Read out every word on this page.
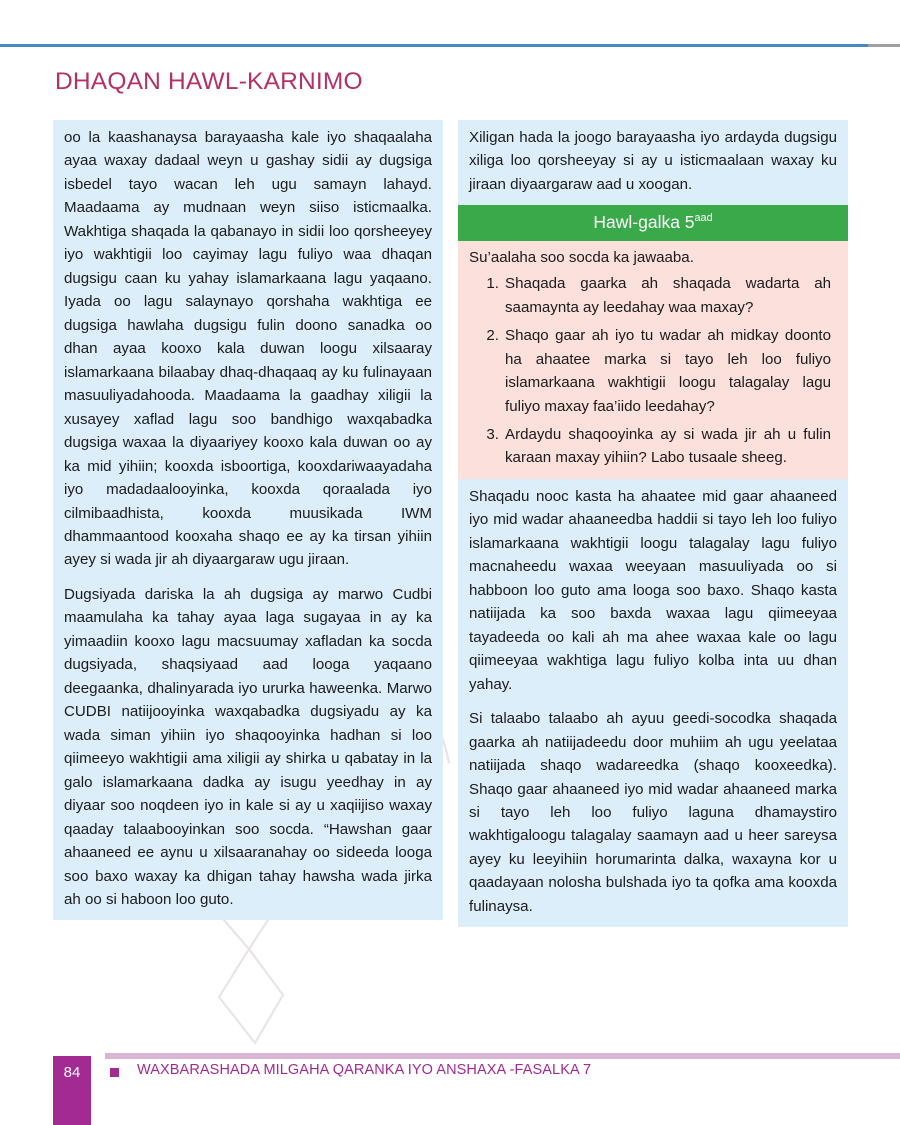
DHAQAN HAWL-KARNIMO

oo la kaashanaysa barayaasha kale iyo shaqaalaha ayaa waxay dadaal weyn u gashay sidii ay dugsiga isbedel tayo wacan leh ugu samayn lahayd. Maadaama ay mudnaan weyn siiso isticmaalka. Wakhtiga shaqada la qabanayo in sidii loo qorsheeyey iyo wakhtigii loo cayimay lagu fuliyo waa dhaqan dugsigu caan ku yahay islamarkaana lagu yaqaano. Iyada oo lagu salaynayo qorshaha wakhtiga ee dugsiga hawlaha dugsigu fulin doono sanadka oo dhan ayaa kooxo kala duwan loogu xilsaaray islamarkaana bilaabay dhaq-dhaqaaq ay ku fulinayaan masuuliyadahooda. Maadaama la gaadhay xiligii la xusayey xaflad lagu soo bandhigo waxqabadka dugsiga waxaa la diyaariyey kooxo kala duwan oo ay ka mid yihiin; kooxda isboortiga, kooxdariwaayadaha iyo madadaalooyinka, kooxda qoraalada iyo cilmibaadhista, kooxda muusikada IWM dhammaantood kooxaha shaqo ee ay ka tirsan yihiin ayey si wada jir ah diyaargaraw ugu jiraan.

Dugsiyada dariska la ah dugsiga ay marwo Cudbi maamulaha ka tahay ayaa laga sugayaa in ay ka yimaadiin kooxo lagu macsuumay xafladan ka socda dugsiyada, shaqsiyaad aad looga yaqaano deegaanka, dhalinyarada iyo ururka haweenka. Marwo CUDBI natiijooyinka waxqabadka dugsiyadu ay ka wada siman yihiin iyo shaqooyinka hadhan si loo qiimeeyo wakhtigii ama xiligii ay shirka u qabatay in la galo islamarkaana dadka ay isugu yeedhay in ay diyaar soo noqdeen iyo in kale si ay u xaqiijiso waxay qaaday talaabooyinkan soo socda. “Hawshan gaar ahaaneed ee aynu u xilsaaranahay oo sideeda looga soo baxo waxay ka dhigan tahay hawsha wada jirka ah oo si haboon loo guto.

Xiligan hada la joogo barayaasha iyo ardayda dugsigu xiliga loo qorsheeyay si ay u isticmaalaan waxay ku jiraan diyaargaraw aad u xoogan.

Hawl-galka $5^{aad}$
Su’aalaha soo socda ka jawaaba.
Shaqada gaarka ah shaqada wadarta ah saamaynta ay leedahay waa maxay?
Shaqo gaar ah iyo tu wadar ah midkay doonto ha ahaatee marka si tayo leh loo fuliyo islamarkaana wakhtigii loogu talagalay lagu fuliyo maxay faa’iido leedahay?
Ardaydu shaqooyinka ay si wada jir ah u fulin karaan maxay yihiin? Labo tusaale sheeg.

Shaqadu nooc kasta ha ahaatee mid gaar ahaaneed iyo mid wadar ahaaneedba haddii si tayo leh loo fuliyo islamarkaana wakhtigii loogu talagalay lagu fuliyo macnaheedu waxaa weeyaan masuuliyada oo si habboon loo guto ama looga soo baxo. Shaqo kasta natiijada ka soo baxda waxaa lagu qiimeeyaa tayadeeda oo kali ah ma ahee waxaa kale oo lagu qiimeeyaa wakhtiga lagu fuliyo kolba inta uu dhan yahay.

Si talaabo talaabo ah ayuu geedi-socodka shaqada gaarka ah natiijadeedu door muhiim ah ugu yeelataa natiijada shaqo wadareedka (shaqo kooxeedka). Shaqo gaar ahaaneed iyo mid wadar ahaaneed marka si tayo leh loo fuliyo laguna dhamaystiro wakhtigaloogu talagalay saamayn aad u heer sareysa ayey ku leeyihiin horumarinta dalka, waxayna kor u qaadayaan nolosha bulshada iyo ta qofka ama kooxda fulinaysa.

84	WAXBARASHADA MILGAHA QARANKA IYO ANSHAXA -FASALKA 7
